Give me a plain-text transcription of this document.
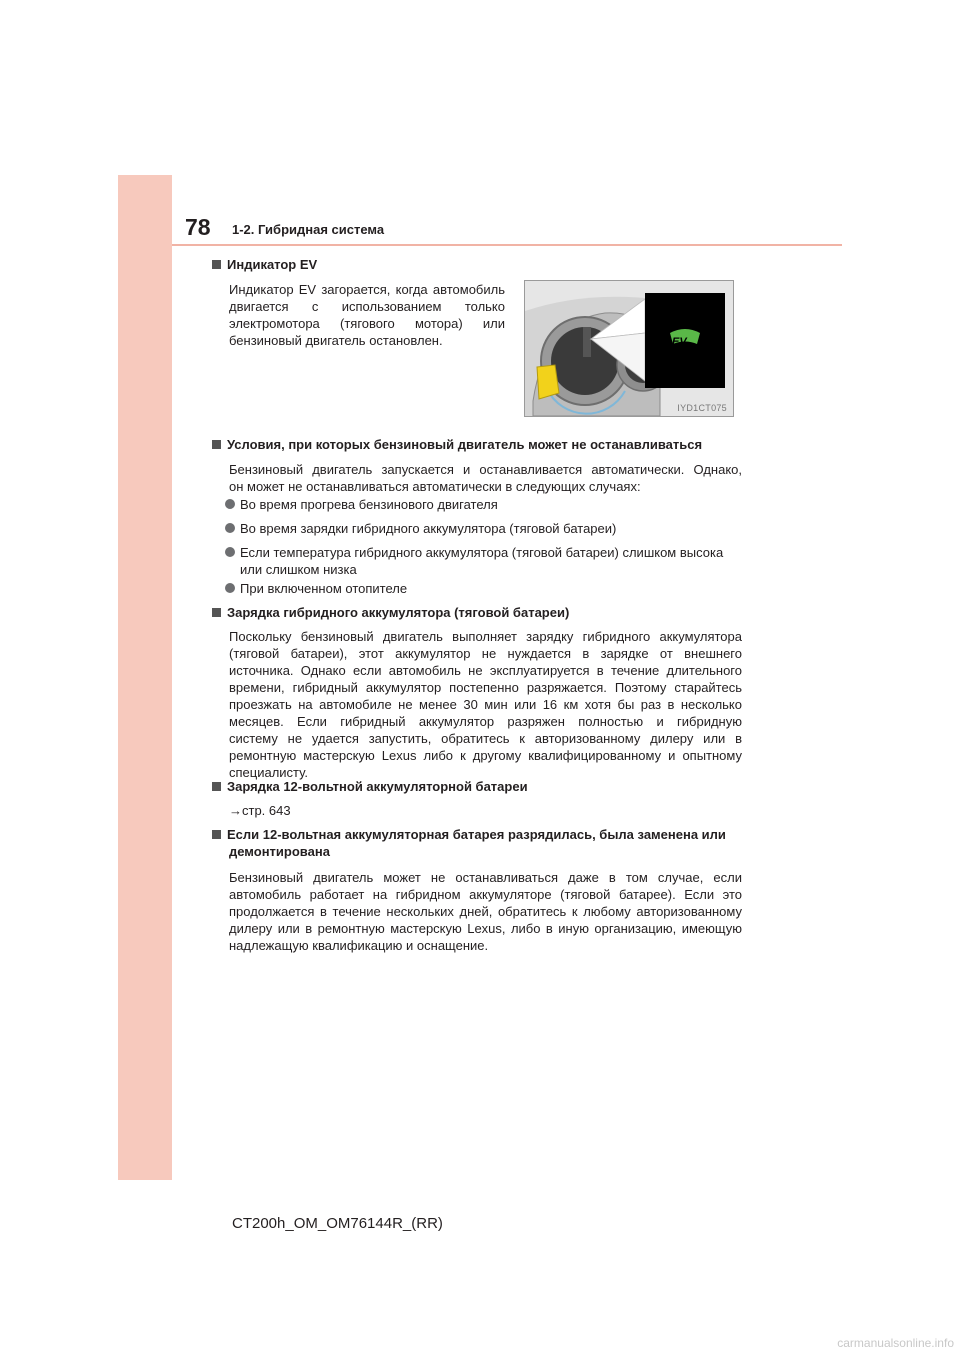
78 1-2. Гибридная система
Индикатор EV
Индикатор EV загорается, когда автомобиль
двигается с использованием только
электромотора (тягового мотора) или
бензиновый двигатель остановлен.	EV
IYD1CT075
Условия, при которых бензиновый двигатель может не останавливаться
Бензиновый двигатель запускается и останавливается автоматически. Однако,
он может не останавливаться автоматически в следующих случаях:
Во время прогрева бензинового двигателя
Во время зарядки гибридного аккумулятора (тяговой батареи)
Если температура гибридного аккумулятора (тяговой батареи) слишком высока
или слишком низка
При включенном отопителе
Зарядка гибридного аккумулятора (тяговой батареи)
Поскольку бензиновый двигатель выполняет зарядку гибридного аккумулятора
(тяговой батареи), этот аккумулятор не нуждается в зарядке от внешнего
источника. Однако если автомобиль не эксплуатируется в течение длительного
времени, гибридный аккумулятор постепенно разряжается. Поэтому старайтесь
проезжать на автомобиле не менее 30 мин или 16 км хотя бы раз в несколько
месяцев. Если гибридный аккумулятор разряжен полностью и гибридную
систему не удается запустить, обратитесь к авторизованному дилеру или в
ремонтную мастерскую Lexus либо к другому квалифицированному и опытному
специалисту.
Зарядка 12-вольтной аккумуляторной батареи
→стр. 643
Если 12-вольтная аккумуляторная батарея разрядилась, была заменена или
демонтирована
Бензиновый двигатель может не останавливаться даже в том случае, если
автомобиль работает на гибридном аккумуляторе (тяговой батарее). Если это
продолжается в течение нескольких дней, обратитесь к любому авторизованному
дилеру или в ремонтную мастерскую Lexus, либо в иную организацию, имеющую
надлежащую квалификацию и оснащение.
CT200h_OM_OM76144R_(RR)
carmanualsonline.info
